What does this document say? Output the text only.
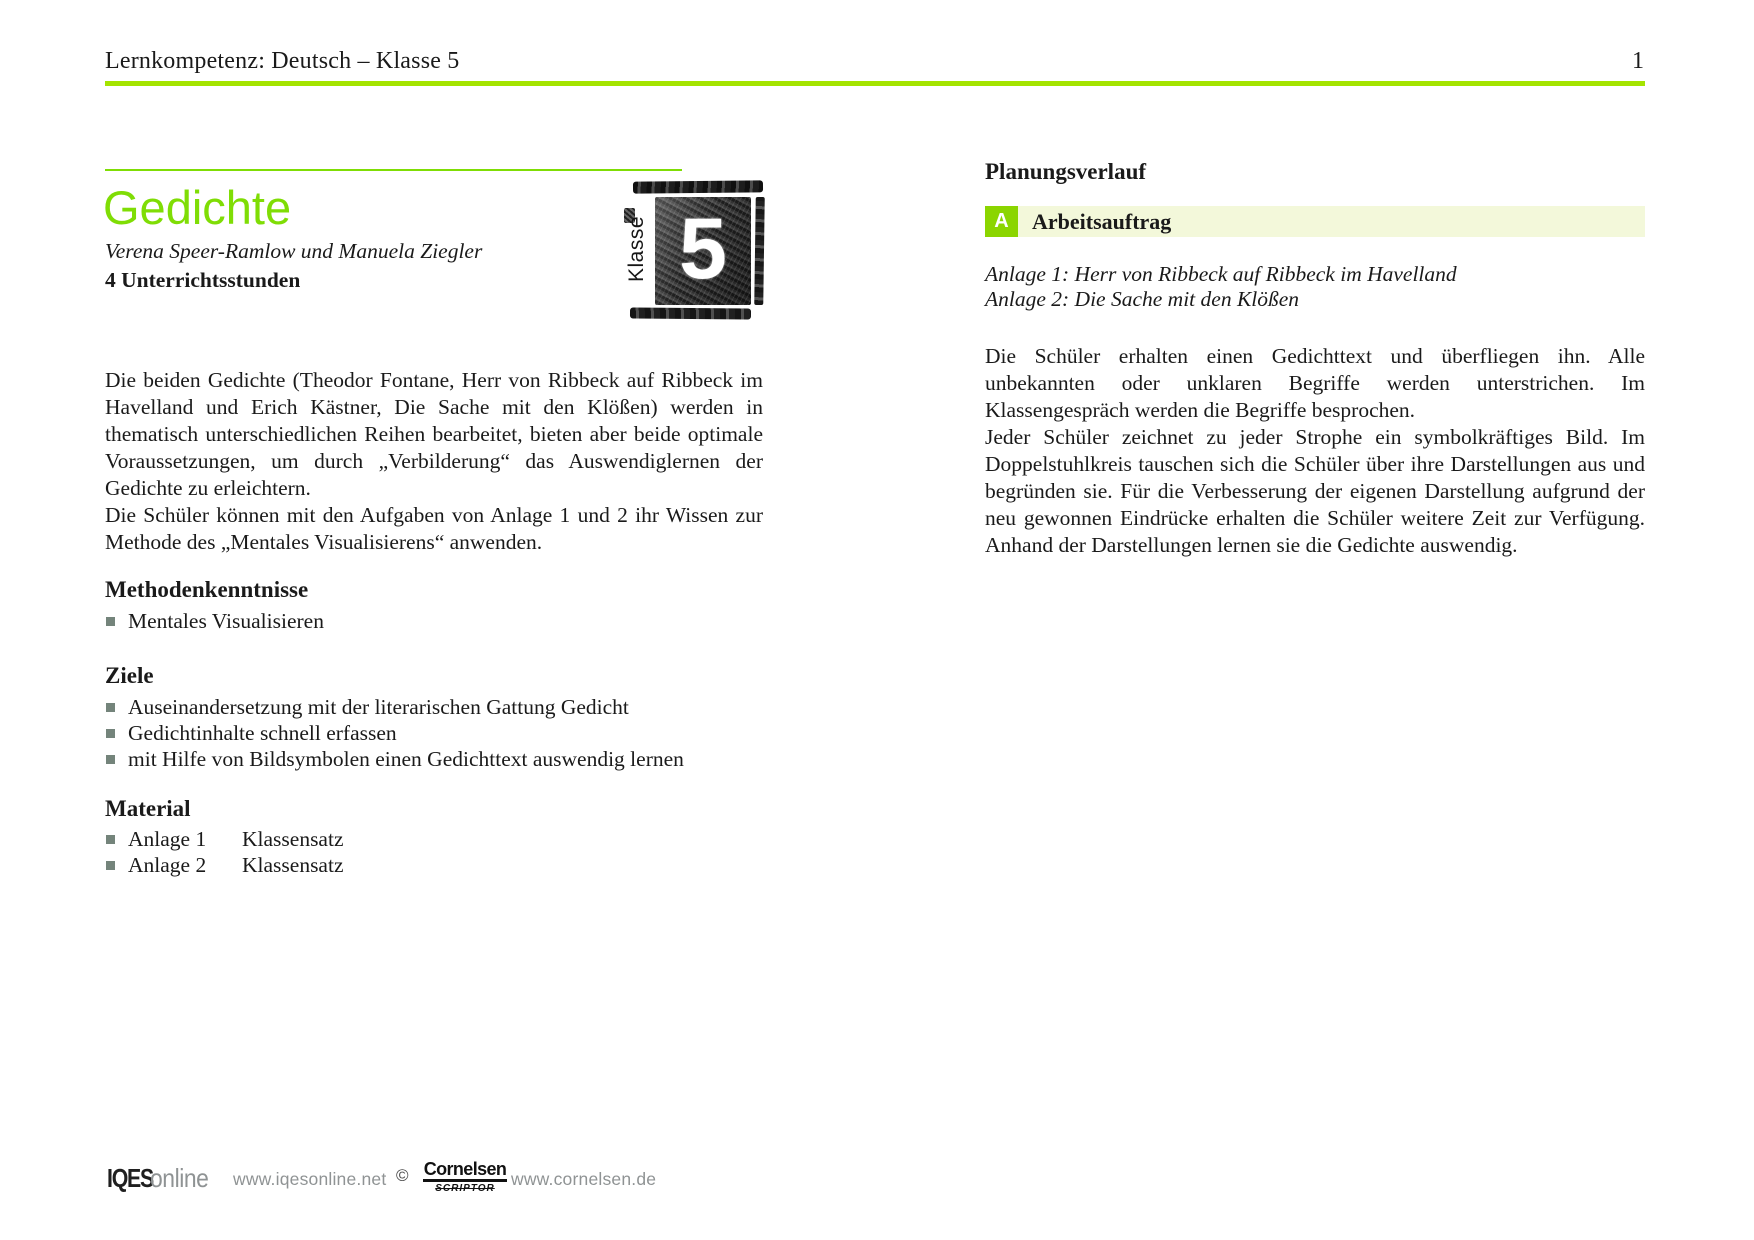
Lernkompetenz: Deutsch – Klasse 5	1
Gedichte	5
Klasse
Verena Speer-Ramlow und Manuela Ziegler
4 Unterrichtsstunden

Die beiden Gedichte (Theodor Fontane, Herr von Ribbeck auf Ribbeck im Havelland und Erich Kästner, Die Sache mit den Klößen) werden in thematisch unterschiedlichen Reihen bearbeitet, bieten aber beide optimale Voraussetzungen, um durch „Verbilderung“ das Auswendiglernen der Gedichte zu erleichtern.

Die Schüler können mit den Aufgaben von Anlage 1 und 2 ihr Wissen zur Methode des „Mentales Visualisierens“ anwenden.

Methodenkenntnisse
Mentales Visualisieren
Ziele
Auseinandersetzung mit der literarischen Gattung Gedicht
Gedichtinhalte schnell erfassen
mit Hilfe von Bildsymbolen einen Gedichttext auswendig lernen
Material
Anlage 1	Klassensatz
Anlage 2	Klassensatz
Planungsverlauf
A	Arbeitsauftrag
Anlage 1: Herr von Ribbeck auf Ribbeck im Havelland
Anlage 2: Die Sache mit den Klößen

Die Schüler erhalten einen Gedichttext und überfliegen ihn. Alle unbekannten oder unklaren Begriffe werden unterstrichen. Im Klassengespräch werden die Begriffe besprochen.

Jeder Schüler zeichnet zu jeder Strophe ein symbolkräftiges Bild. Im Doppelstuhlkreis tauschen sich die Schüler über ihre Darstellungen aus und begründen sie. Für die Verbesserung der eigenen Darstellung aufgrund der neu gewonnen Eindrücke erhalten die Schüler weitere Zeit zur Verfügung. Anhand der Darstellungen lernen sie die Gedichte auswendig.

IQES online	www.iqesonline.net © Cornelsen
SCRIPTOR www.cornelsen.de
